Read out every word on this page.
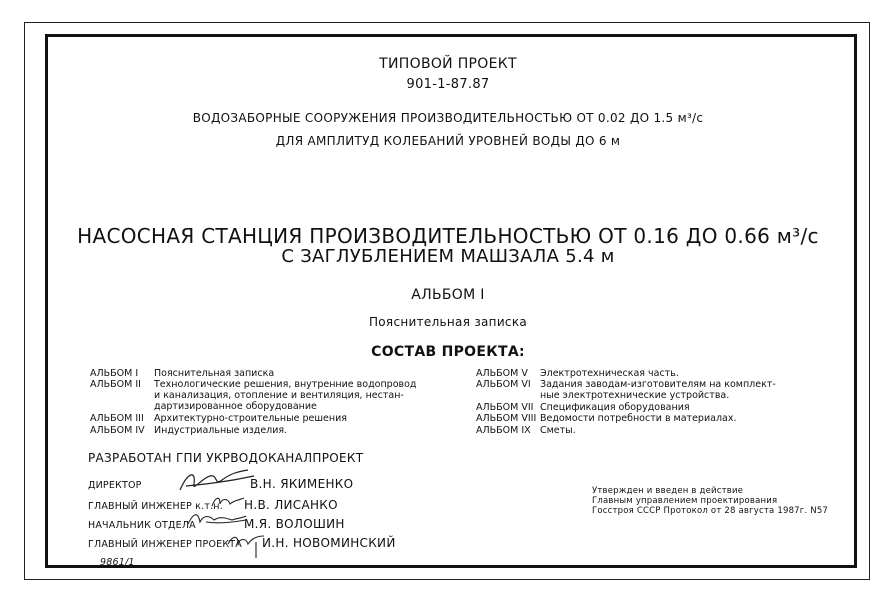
ТИПОВОЙ ПРОЕКТ
901-1-87.87
ВОДОЗАБОРНЫЕ СООРУЖЕНИЯ ПРОИЗВОДИТЕЛЬНОСТЬЮ ОТ 0.02 ДО 1.5 м³/с
ДЛЯ АМПЛИТУД КОЛЕБАНИЙ УРОВНЕЙ ВОДЫ ДО 6 м
НАСОСНАЯ СТАНЦИЯ ПРОИЗВОДИТЕЛЬНОСТЬЮ ОТ 0.16 ДО 0.66 м³/с
С ЗАГЛУБЛЕНИЕМ МАШЗАЛА 5.4 м
АЛЬБОМ I
Пояснительная записка
СОСТАВ ПРОЕКТА:
АЛЬБОМ I	Пояснительная записка
АЛЬБОМ II	Технологические решения, внутренние водопровод
и канализация, отопление и вентиляция, нестан-
дартизированное оборудование
АЛЬБОМ III	Архитектурно-строительные решения
АЛЬБОМ IV Индустриальные изделия.
АЛЬБОМ V	Электротехническая часть.
АЛЬБОМ VI Задания заводам-изготовителям на комплект-
ные электротехнические устройства.
АЛЬБОМ VII Спецификация оборудования
АЛЬБОМ VIII Ведомости потребности в материалах.
АЛЬБОМ IX Сметы.
РАЗРАБОТАН ГПИ УКРВОДОКАНАЛПРОЕКТ
ДИРЕКТОР	В.Н. ЯКИМЕНКО
ГЛАВНЫЙ ИНЖЕНЕР к.т.н. Н.В. ЛИСАНКО
НАЧАЛЬНИК ОТДЕЛА	М.Я. ВОЛОШИН
ГЛАВНЫЙ ИНЖЕНЕР ПРОЕКТА И.Н. НОВОМИНСКИЙ
9861/1
Утвержден и введен в действие
Главным управлением проектирования
Госстроя СССР Протокол от 28 августа 1987г. N57
